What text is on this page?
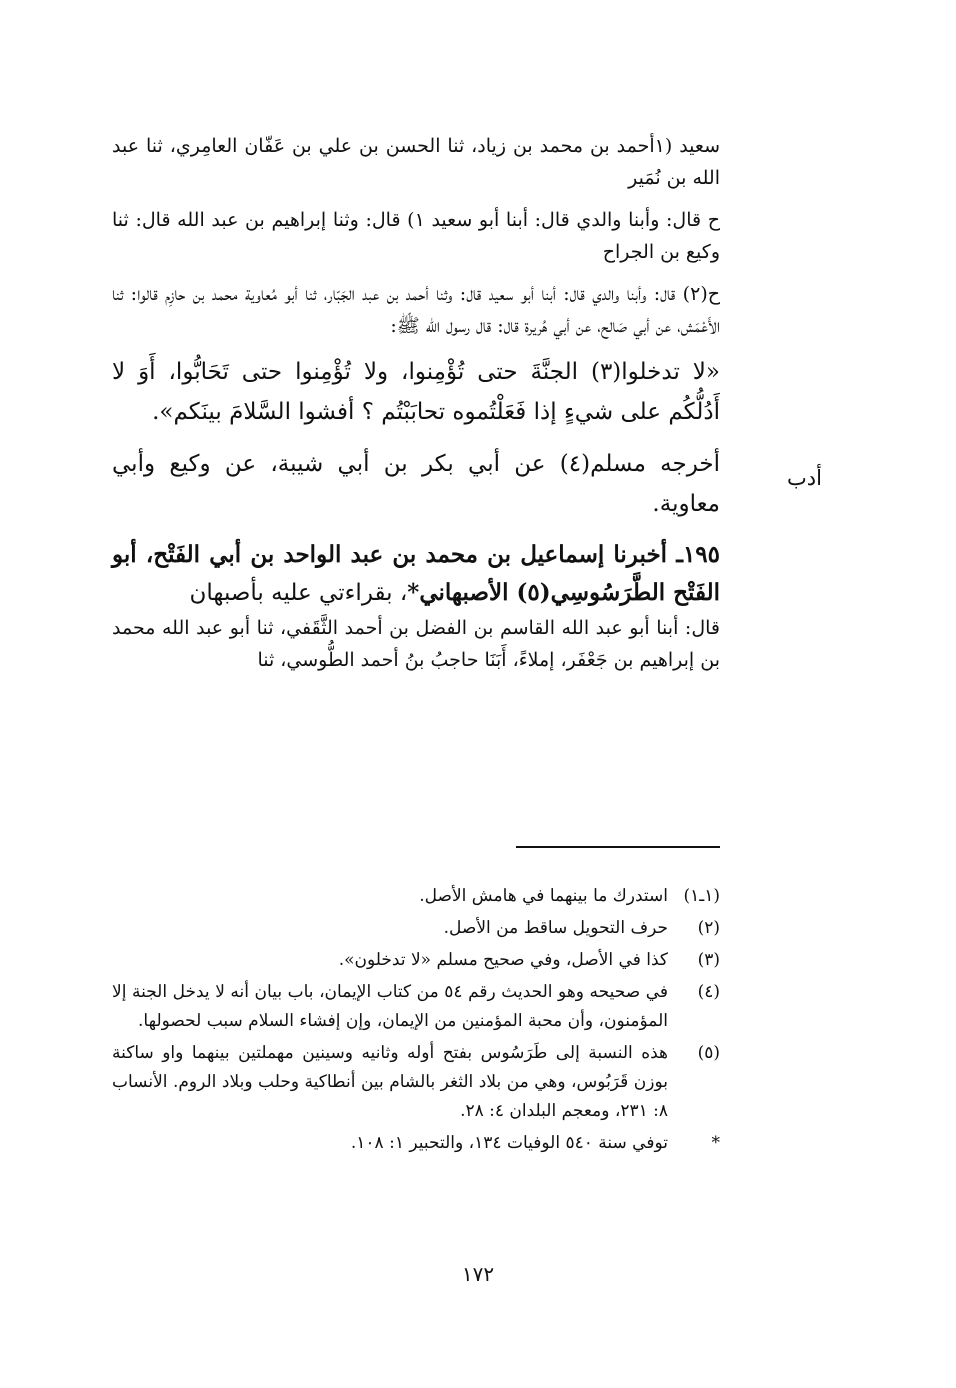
أدب

سعيد (١أحمد بن محمد بن زياد، ثنا الحسن بن علي بن عَفّان العامِري، ثنا عبد الله بن نُمَير

ح قال: وأبنا والدي قال: أبنا أبو سعيد ١) قال: وثنا إبراهيم بن عبد الله قال: ثنا وكيع بن الجراح

ح(٢) قال: وأبنا والدي قال: أبنا أبو سعيد قال: وثنا أحمد بن عبد الجَبّار، ثنا أبو مُعاوية محمد بن حازِم قالوا: ثنا الأَعْمَش، عن أبي صَالح، عن أبي هُريرة قال: قال رسول الله ﷺ:

«لا تدخلوا(٣) الجنَّةَ حتى تُؤْمِنوا، ولا تُؤْمِنوا حتى تَحَابُّوا، أَوَ لا أَدُلُّكُم على شيءٍ إذا فَعَلْتُموه تحابَبْتُم ؟ أفشوا السَّلامَ بينَكم».

أخرجه مسلم(٤) عن أبي بكر بن أبي شيبة، عن وكيع وأبي معاوية.

١٩٥ـ أخبرنا إسماعيل بن محمد بن عبد الواحد بن أبي الفَتْح، أبو الفَتْح الطَّرَسُوسِي(٥) الأصبهاني*، بقراءتي عليه بأصبهان

قال: أبنا أبو عبد الله القاسم بن الفضل بن أحمد الثَّقَفي، ثنا أبو عبد الله محمد بن إبراهيم بن جَعْفَر، إملاءً، أَبَنَا حاجبُ بنُ أحمد الطُّوسي، ثنا

(١ـ١)
استدرك ما بينهما في هامش الأصل.
(٢)
حرف التحويل ساقط من الأصل.
(٣)
كذا في الأصل، وفي صحيح مسلم «لا تدخلون».
(٤)
في صحيحه وهو الحديث رقم ٥٤ من كتاب الإيمان، باب بيان أنه لا يدخل الجنة إلا المؤمنون، وأن محبة المؤمنين من الإيمان، وإن إفشاء السلام سبب لحصولها.
(٥)
هذه النسبة إلى طَرَسُوس بفتح أوله وثانيه وسينين مهملتين بينهما واو ساكنة بوزن قَرَبُوس، وهي من بلاد الثغر بالشام بين أنطاكية وحلب وبلاد الروم. الأنساب ٨: ٢٣١، ومعجم البلدان ٤: ٢٨.
*
توفي سنة ٥٤٠ الوفيات ١٣٤، والتحبير ١: ١٠٨.
١٧٢
